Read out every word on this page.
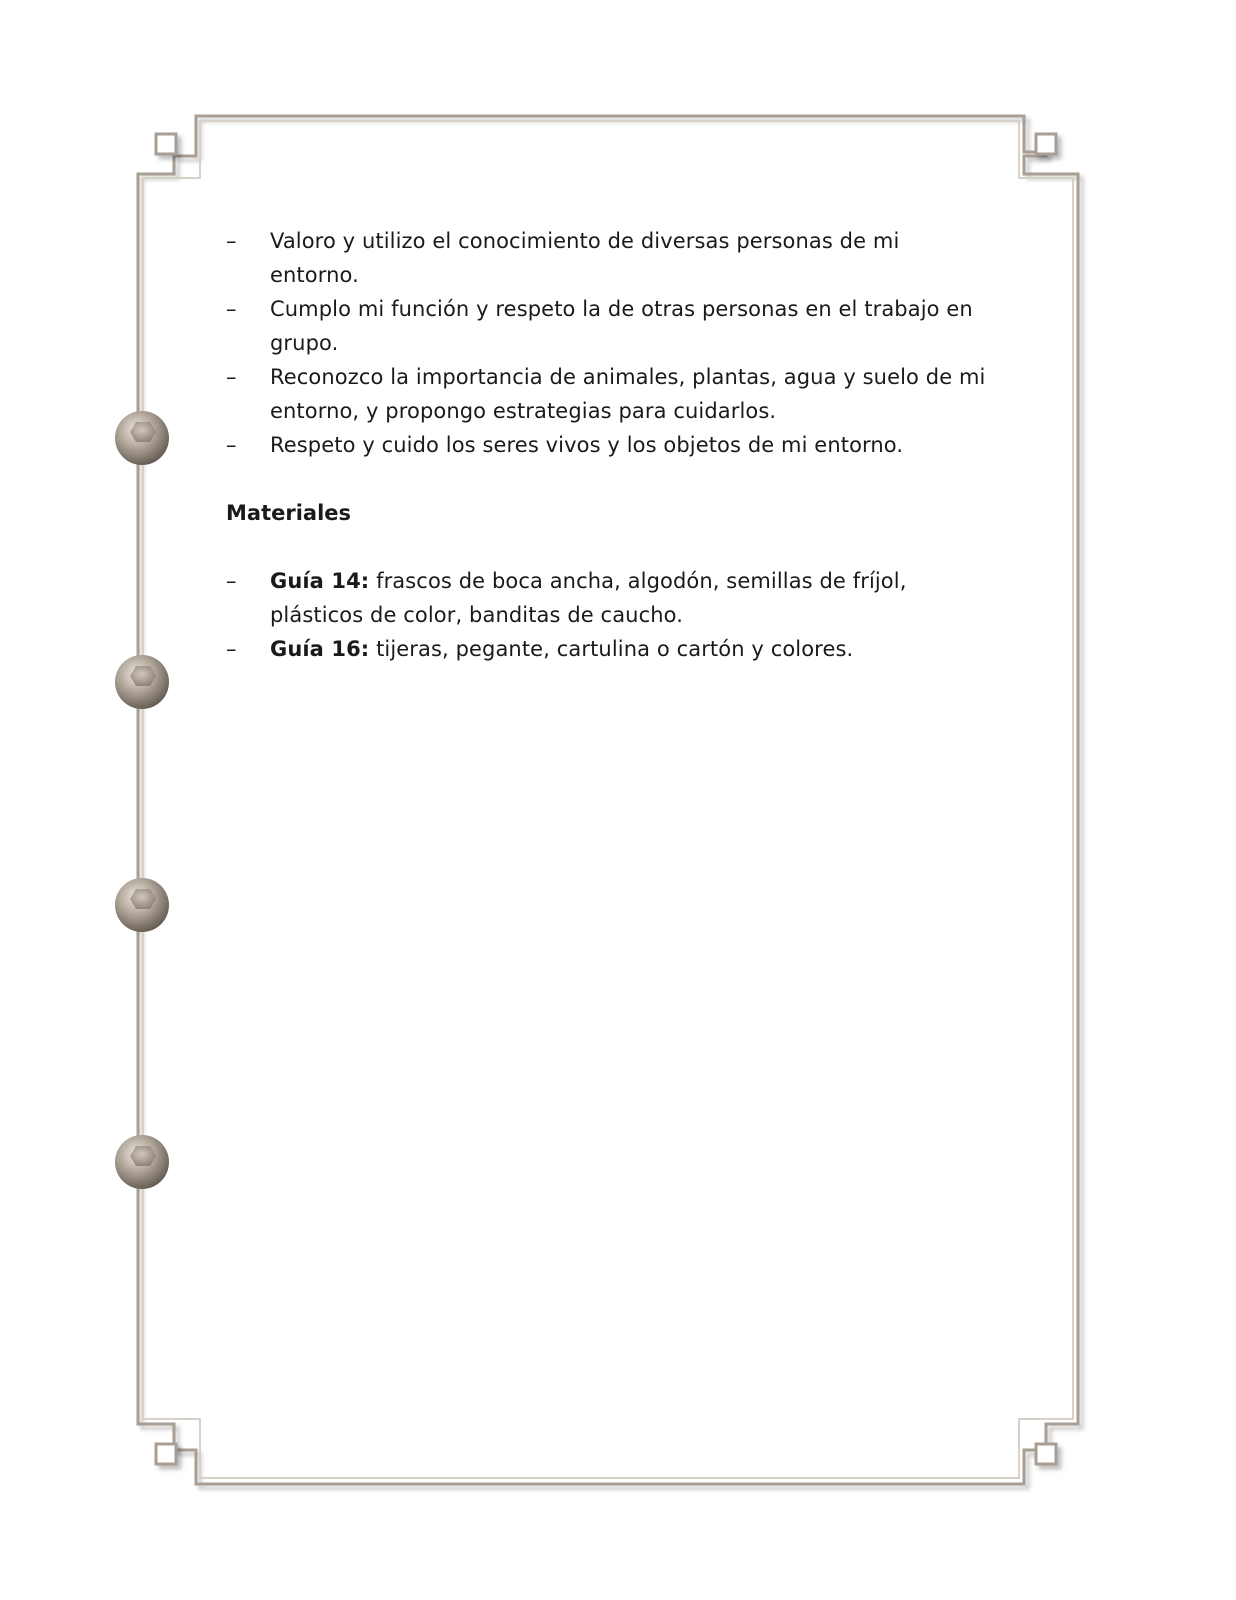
–	Valoro y utilizo el conocimiento de diversas personas de mi entorno.
–	Cumplo mi función y respeto la de otras personas en el trabajo en grupo.
–	Reconozco la importancia de animales, plantas, agua y suelo de mi entorno, y propongo estrategias para cuidarlos.
–	Respeto y cuido los seres vivos y los objetos de mi entorno.
Materiales
–	Guía 14: frascos de boca ancha, algodón, semillas de fríjol, plásticos de color, banditas de caucho.
–	Guía 16: tijeras, pegante, cartulina o cartón y colores.
